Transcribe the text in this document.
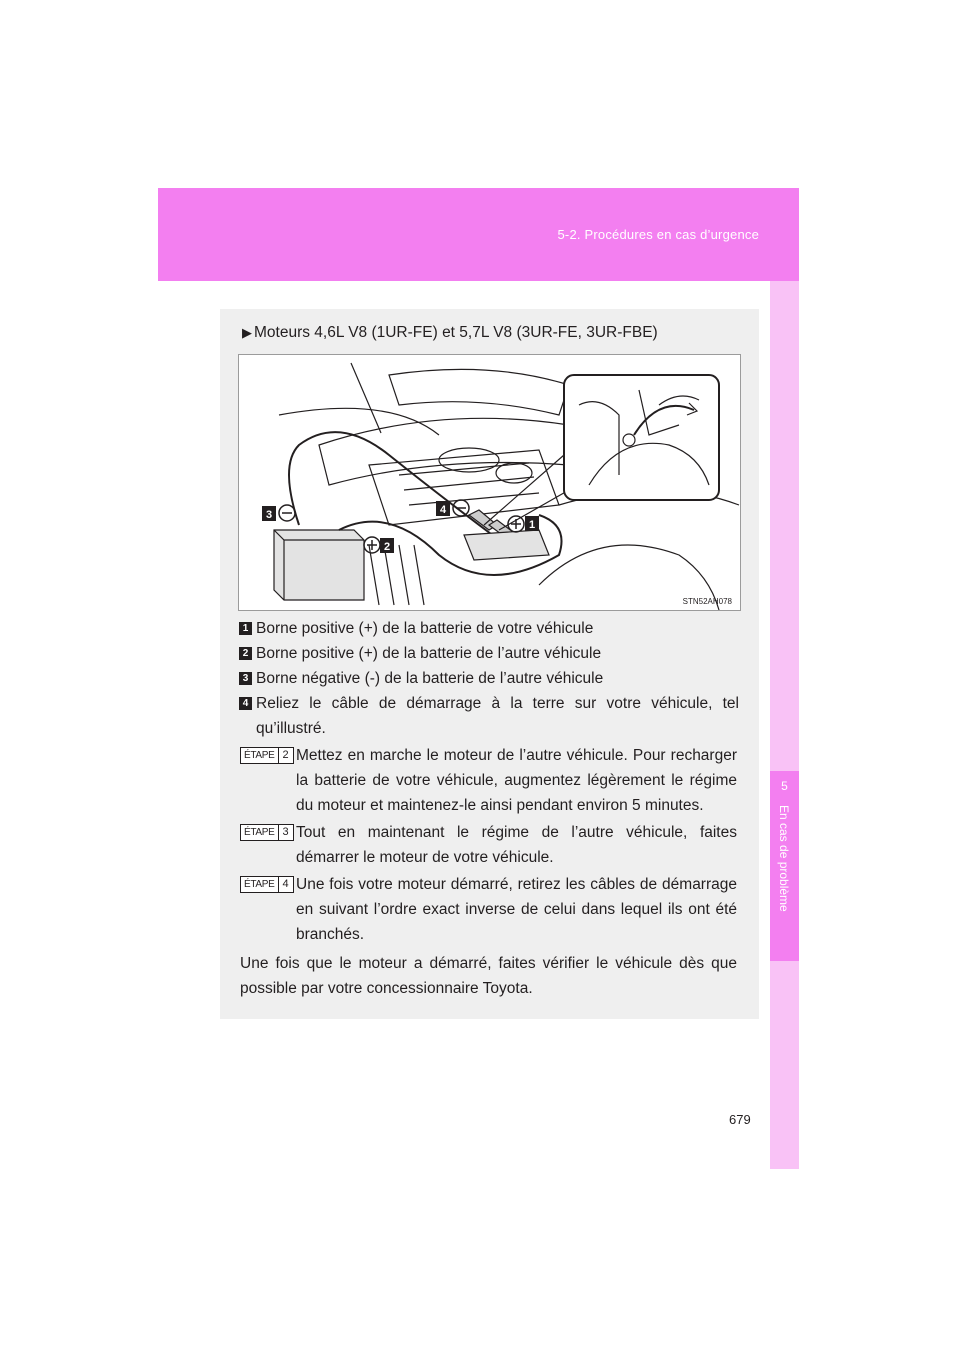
5-2. Procédures en cas d’urgence
5
En cas de problème
▶ Moteurs 4,6L V8 (1UR-FE) et 5,7L V8 (3UR-FE, 3UR-FBE)
1
2
3	4
STN52AH078
1 Borne positive (+) de la batterie de votre véhicule
2 Borne positive (+) de la batterie de l’autre véhicule
3 Borne négative (-) de la batterie de l’autre véhicule
4 Reliez le câble de démarrage à la terre sur votre véhicule, tel qu’illustré.
ÉTAPE 2 Mettez en marche le moteur de l’autre véhicule. Pour recharger la batterie de votre véhicule, augmentez légèrement le régime du moteur et maintenez-le ainsi pendant environ 5 minutes.
ÉTAPE 3 Tout en maintenant le régime de l’autre véhicule, faites démarrer le moteur de votre véhicule.
ÉTAPE 4 Une fois votre moteur démarré, retirez les câbles de démarrage en suivant l’ordre exact inverse de celui dans lequel ils ont été branchés.
Une fois que le moteur a démarré, faites vérifier le véhicule dès que possible par votre concessionnaire Toyota.
679
